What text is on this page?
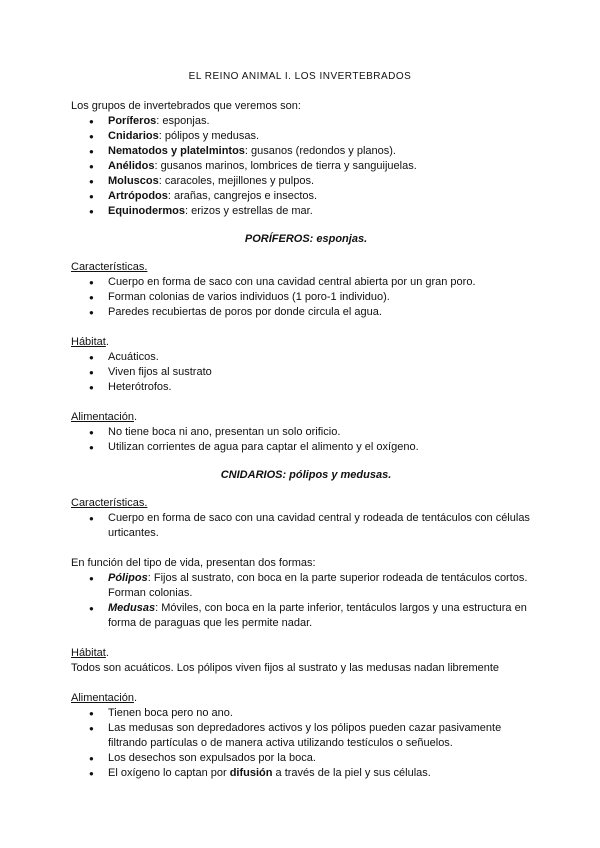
EL REINO ANIMAL I. LOS INVERTEBRADOS

Los grupos de invertebrados que veremos son:

● Poríferos: esponjas.
● Cnidarios: pólipos y medusas.
● Nematodos y platelmintos: gusanos (redondos y planos).
● Anélidos: gusanos marinos, lombrices de tierra y sanguijuelas.
● Moluscos: caracoles, mejillones y pulpos.
● Artrópodos: arañas, cangrejos e insectos.
● Equinodermos: erizos y estrellas de mar.

PORÍFEROS: esponjas.

Características.

● Cuerpo en forma de saco con una cavidad central abierta por un gran poro.
● Forman colonias de varios individuos (1 poro-1 individuo).
● Paredes recubiertas de poros por donde circula el agua.

Hábitat.

● Acuáticos.
● Viven fijos al sustrato
● Heterótrofos.

Alimentación.

● No tiene boca ni ano, presentan un solo orificio.
● Utilizan corrientes de agua para captar el alimento y el oxígeno.

CNIDARIOS: pólipos y medusas.

Características.

● Cuerpo en forma de saco con una cavidad central y rodeada de tentáculos con células urticantes.

En función del tipo de vida, presentan dos formas:

● Pólipos: Fijos al sustrato, con boca en la parte superior rodeada de tentáculos cortos. Forman colonias.
● Medusas: Móviles, con boca en la parte inferior, tentáculos largos y una estructura en forma de paraguas que les permite nadar.

Hábitat.

Todos son acuáticos. Los pólipos viven fijos al sustrato y las medusas nadan libremente

Alimentación.

● Tienen boca pero no ano.
● Las medusas son depredadores activos y los pólipos pueden cazar pasivamente filtrando partículas o de manera activa utilizando testículos o señuelos.
● Los desechos son expulsados por la boca.
● El oxígeno lo captan por difusión a través de la piel y sus células.
